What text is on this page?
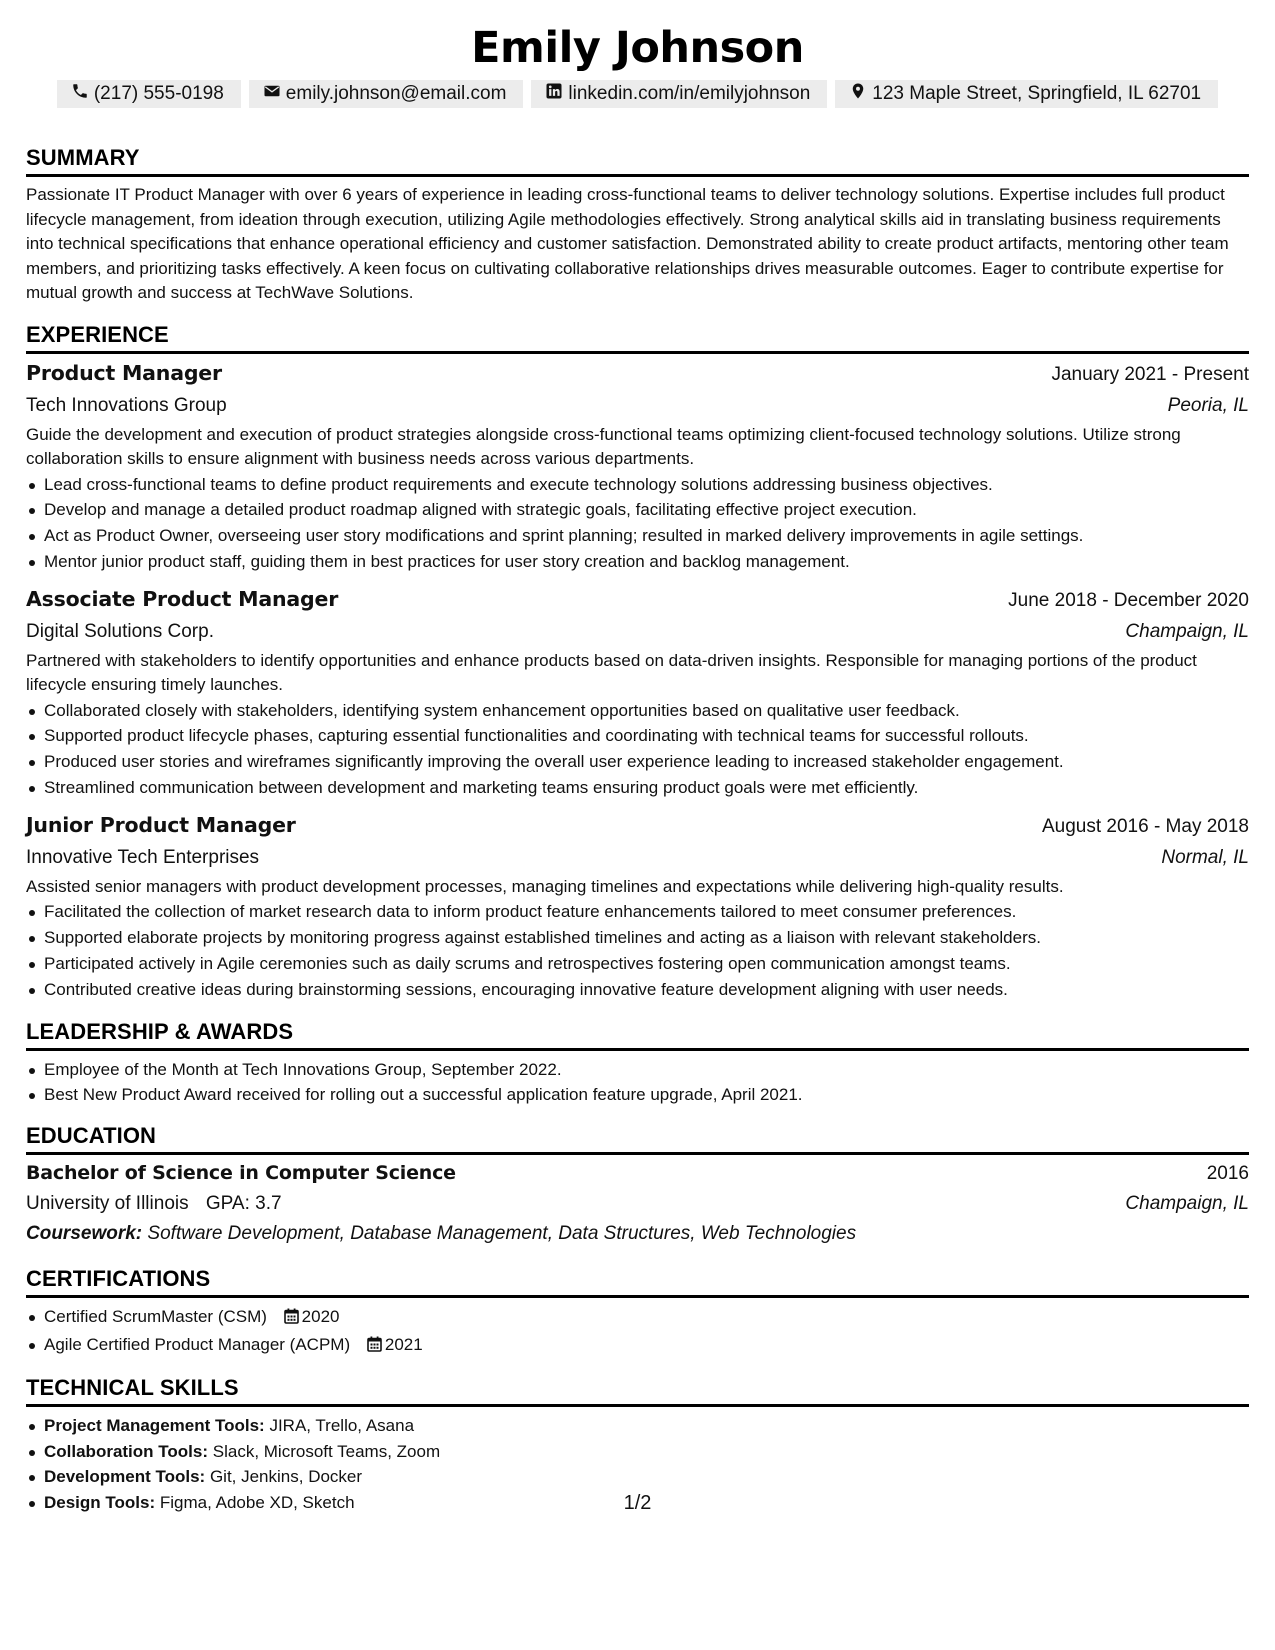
Emily Johnson
(217) 555-0198	emily.johnson@email.com	linkedin.com/in/emilyjohnson	123 Maple Street, Springfield, IL 62701
SUMMARY

Passionate IT Product Manager with over 6 years of experience in leading cross-functional teams to deliver technology solutions. Expertise includes full product lifecycle management, from ideation through execution, utilizing Agile methodologies effectively. Strong analytical skills aid in translating business requirements into technical specifications that enhance operational efficiency and customer satisfaction. Demonstrated ability to create product artifacts, mentoring other team members, and prioritizing tasks effectively. A keen focus on cultivating collaborative relationships drives measurable outcomes. Eager to contribute expertise for mutual growth and success at TechWave Solutions.

EXPERIENCE
Product Manager	January 2021 - Present
Tech Innovations Group	Peoria, IL

Guide the development and execution of product strategies alongside cross-functional teams optimizing client-focused technology solutions. Utilize strong collaboration skills to ensure alignment with business needs across various departments.

Lead cross-functional teams to define product requirements and execute technology solutions addressing business objectives.
Develop and manage a detailed product roadmap aligned with strategic goals, facilitating effective project execution.
Act as Product Owner, overseeing user story modifications and sprint planning; resulted in marked delivery improvements in agile settings.
Mentor junior product staff, guiding them in best practices for user story creation and backlog management.
Associate Product Manager	June 2018 - December 2020
Digital Solutions Corp.	Champaign, IL

Partnered with stakeholders to identify opportunities and enhance products based on data-driven insights. Responsible for managing portions of the product lifecycle ensuring timely launches.

Collaborated closely with stakeholders, identifying system enhancement opportunities based on qualitative user feedback.
Supported product lifecycle phases, capturing essential functionalities and coordinating with technical teams for successful rollouts.
Produced user stories and wireframes significantly improving the overall user experience leading to increased stakeholder engagement.
Streamlined communication between development and marketing teams ensuring product goals were met efficiently.
Junior Product Manager	August 2016 - May 2018
Innovative Tech Enterprises	Normal, IL

Assisted senior managers with product development processes, managing timelines and expectations while delivering high-quality results.

Facilitated the collection of market research data to inform product feature enhancements tailored to meet consumer preferences.
Supported elaborate projects by monitoring progress against established timelines and acting as a liaison with relevant stakeholders.
Participated actively in Agile ceremonies such as daily scrums and retrospectives fostering open communication amongst teams.
Contributed creative ideas during brainstorming sessions, encouraging innovative feature development aligning with user needs.
LEADERSHIP & AWARDS
Employee of the Month at Tech Innovations Group, September 2022.
Best New Product Award received for rolling out a successful application feature upgrade, April 2021.
EDUCATION
Bachelor of Science in Computer Science	2016
University of Illinois GPA: 3.7	Champaign, IL
Coursework: Software Development, Database Management, Data Structures, Web Technologies
CERTIFICATIONS
Certified ScrumMaster (CSM) 2020
Agile Certified Product Manager (ACPM) 2021
TECHNICAL SKILLS
Project Management Tools: JIRA, Trello, Asana
Collaboration Tools: Slack, Microsoft Teams, Zoom
Development Tools: Git, Jenkins, Docker
Design Tools: Figma, Adobe XD, Sketch	1/2
